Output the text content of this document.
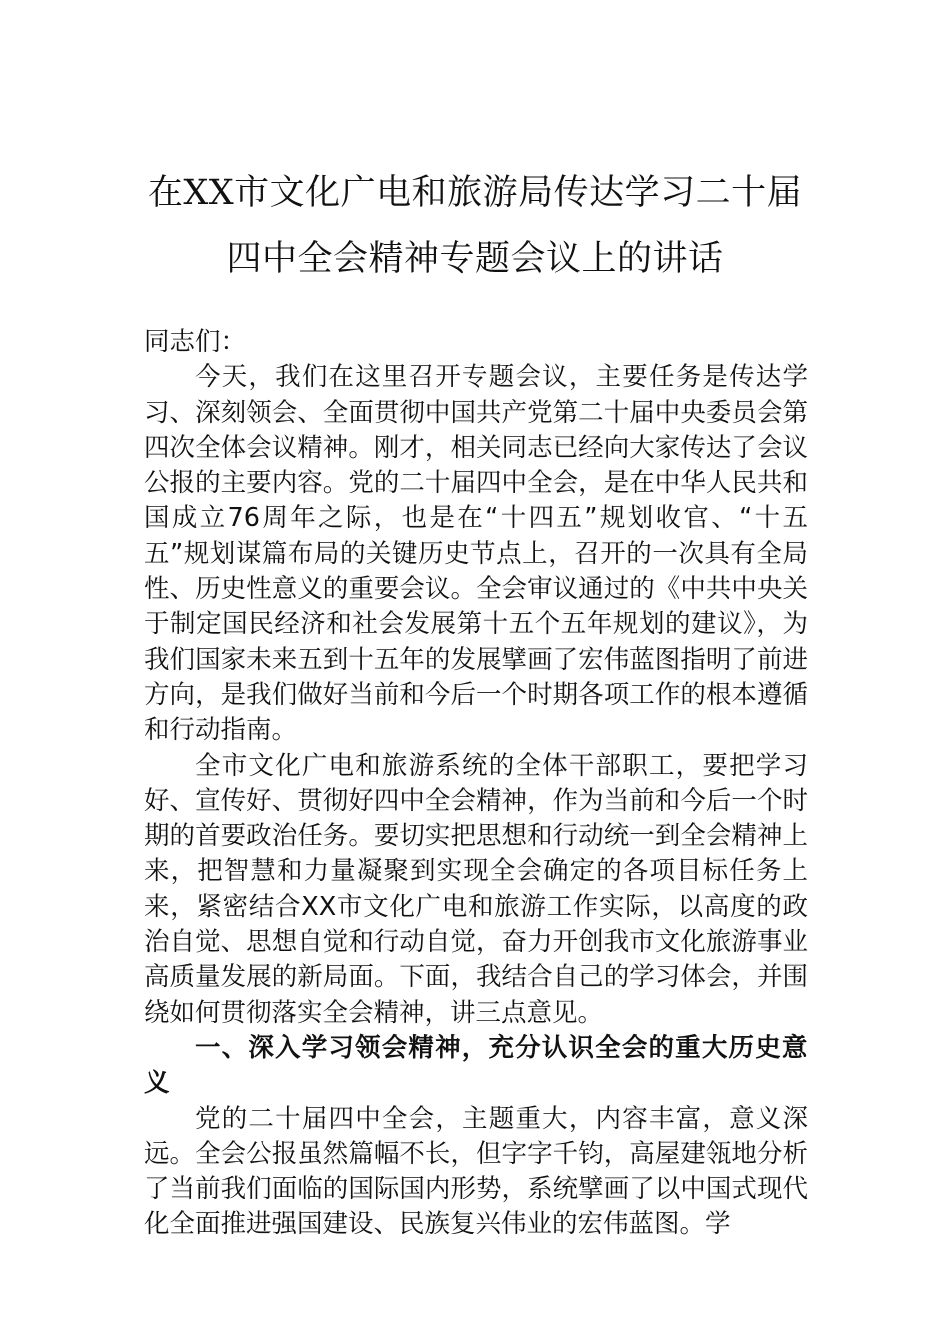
在XX市文化广电和旅游局传达学习二十届
四中全会精神专题会议上的讲话

同志们：

今天，我们在这里召开专题会议，主要任务是传达学习、深刻领会、全面贯彻中国共产党第二十届中央委员会第四次全体会议精神。刚才，相关同志已经向大家传达了会议公报的主要内容。党的二十届四中全会，是在中华人民共和国成立76周年之际，也是在“十四五”规划收官、“十五五”规划谋篇布局的关键历史节点上，召开的一次具有全局性、历史性意义的重要会议。全会审议通过的《中共中央关于制定国民经济和社会发展第十五个五年规划的建议》，为我们国家未来五到十五年的发展擘画了宏伟蓝图指明了前进方向，是我们做好当前和今后一个时期各项工作的根本遵循和行动指南。

全市文化广电和旅游系统的全体干部职工，要把学习好、宣传好、贯彻好四中全会精神，作为当前和今后一个时期的首要政治任务。要切实把思想和行动统一到全会精神上来，把智慧和力量凝聚到实现全会确定的各项目标任务上来，紧密结合XX市文化广电和旅游工作实际，以高度的政治自觉、思想自觉和行动自觉，奋力开创我市文化旅游事业高质量发展的新局面。下面，我结合自己的学习体会，并围绕如何贯彻落实全会精神，讲三点意见。

一、深入学习领会精神，充分认识全会的重大历史意义

党的二十届四中全会，主题重大，内容丰富，意义深远。全会公报虽然篇幅不长，但字字千钧，高屋建瓴地分析了当前我们面临的国际国内形势，系统擘画了以中国式现代化全面推进强国建设、民族复兴伟业的宏伟蓝图。学
